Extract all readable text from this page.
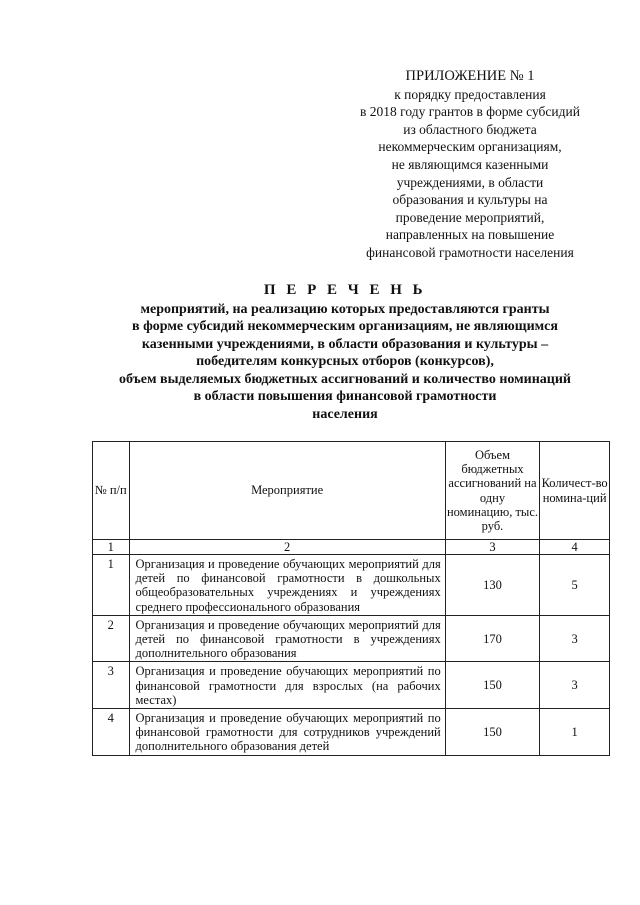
ПРИЛОЖЕНИЕ № 1
к порядку предоставления
в 2018 году грантов в форме субсидий
из областного бюджета
некоммерческим организациям,
не являющимся казенными
учреждениями, в области
образования и культуры на
проведение мероприятий,
направленных на повышение
финансовой грамотности населения
П Е Р Е Ч Е Н Ь
мероприятий, на реализацию которых предоставляются гранты
в форме субсидий некоммерческим организациям, не являющимся
казенными учреждениями, в области образования и культуры –
победителям конкурсных отборов (конкурсов),
объем выделяемых бюджетных ассигнований и количество номинаций
в области повышения финансовой грамотности
населения
№ п/п	Мероприятие	Объем бюджетных ассигнований на одну номинацию, тыс. руб.	Количест-во номина-ций
1	2	3	4
1	Организация и проведение обучающих мероприятий для детей по финансовой грамотности в дошкольных общеобразовательных учреждениях и учреждениях среднего профессионального образования	130	5
2	Организация и проведение обучающих мероприятий для детей по финансовой грамотности в учреждениях дополнительного образования	170	3
3	Организация и проведение обучающих мероприятий по финансовой грамотности для взрослых (на рабочих местах)	150	3
4	Организация и проведение обучающих мероприятий по финансовой грамотности для сотрудников учреждений дополнительного образования детей	150	1
